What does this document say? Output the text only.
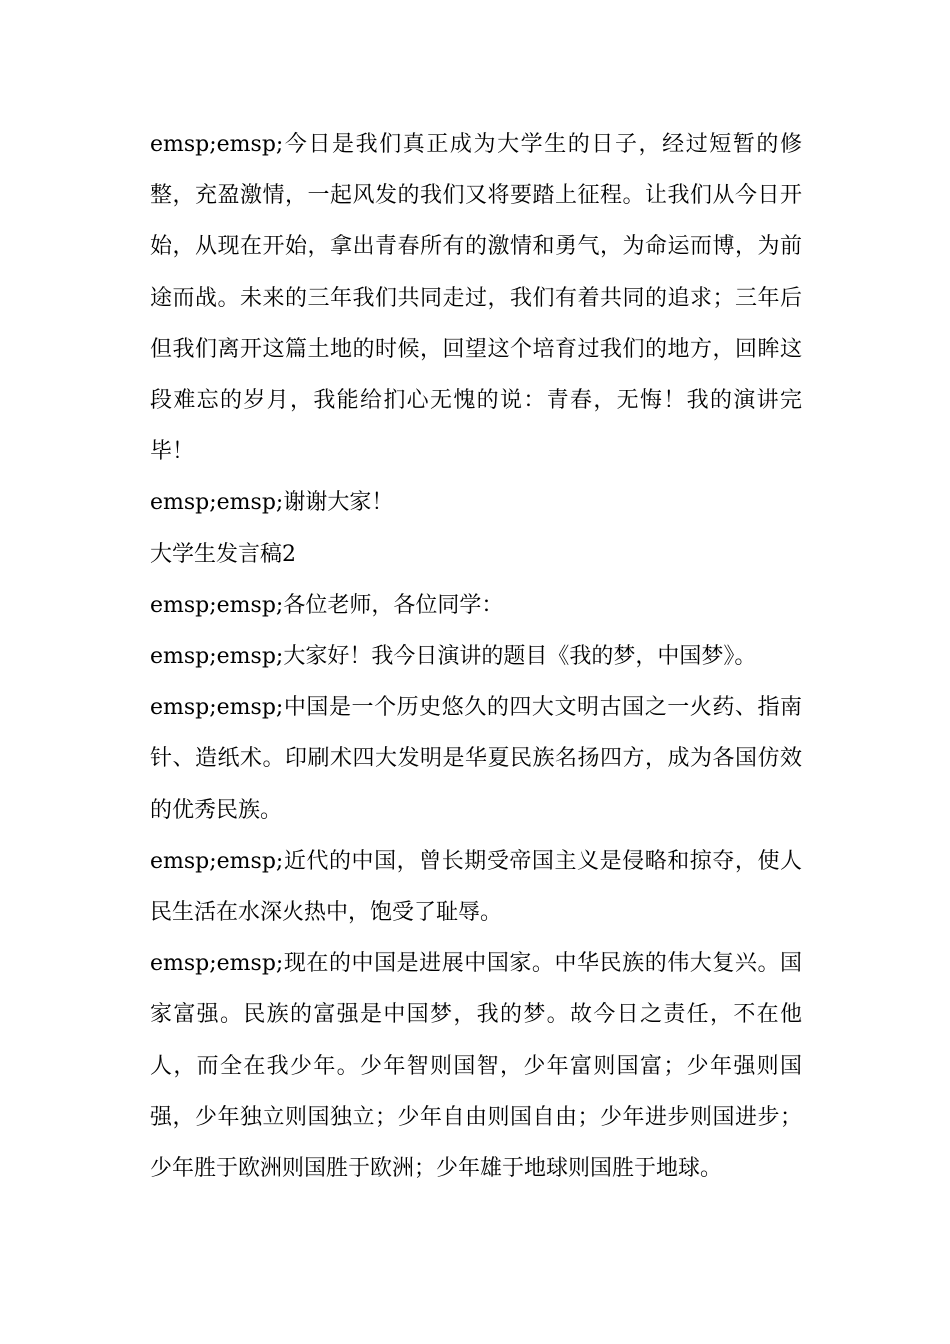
emsp;emsp;今日是我们真正成为大学生的日子，经过短暂的修整，充盈激情，一起风发的我们又将要踏上征程。让我们从今日开始，从现在开始，拿出青春所有的激情和勇气，为命运而博，为前途而战。未来的三年我们共同走过，我们有着共同的追求；三年后但我们离开这篇土地的时候，回望这个培育过我们的地方，回眸这段难忘的岁月，我能给扪心无愧的说：青春，无悔！我的演讲完毕！

emsp;emsp;谢谢大家！

大学生发言稿2

emsp;emsp;各位老师，各位同学：

emsp;emsp;大家好！我今日演讲的题目《我的梦，中国梦》。

emsp;emsp;中国是一个历史悠久的四大文明古国之一火药、指南针、造纸术。印刷术四大发明是华夏民族名扬四方，成为各国仿效的优秀民族。

emsp;emsp;近代的中国，曾长期受帝国主义是侵略和掠夺，使人民生活在水深火热中，饱受了耻辱。

emsp;emsp;现在的中国是进展中国家。中华民族的伟大复兴。国家富强。民族的富强是中国梦，我的梦。故今日之责任，不在他人，而全在我少年。少年智则国智，少年富则国富；少年强则国强，少年独立则国独立；少年自由则国自由；少年进步则国进步；少年胜于欧洲则国胜于欧洲；少年雄于地球则国胜于地球。
